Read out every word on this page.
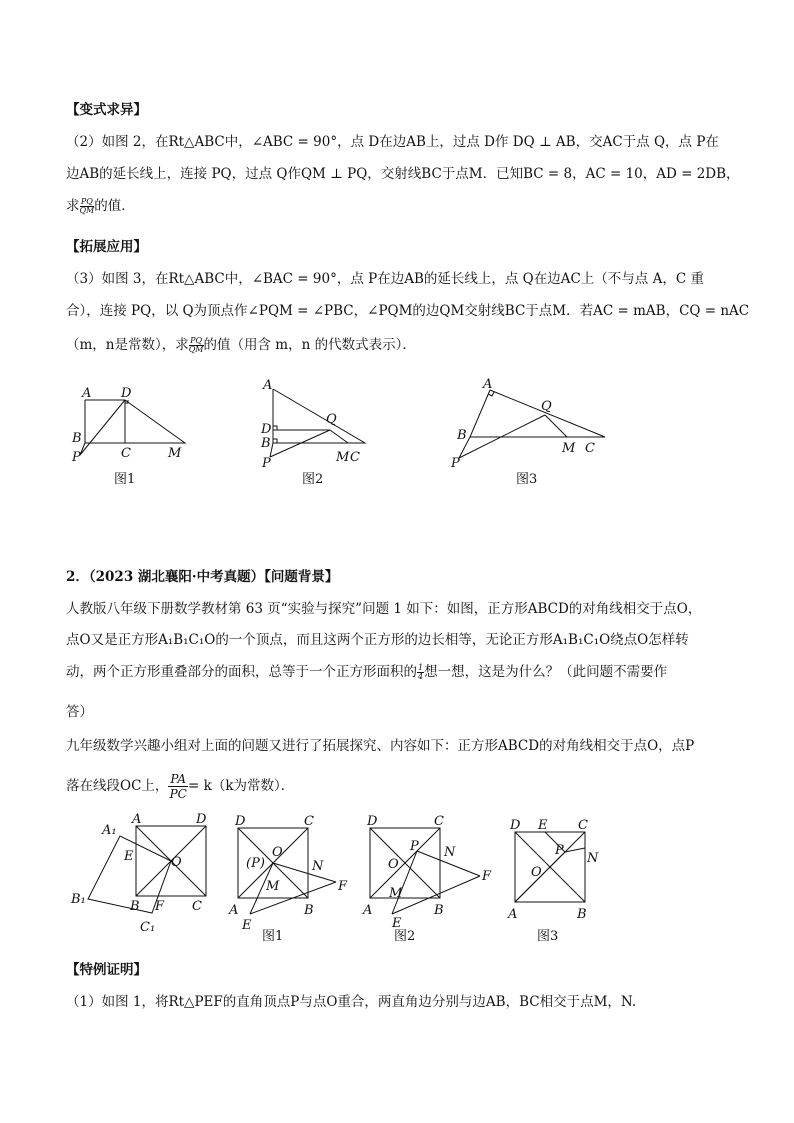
【变式求异】
（2）如图 2，在Rt△ABC中，∠ABC = 90°，点 D在边AB上，过点 D作 DQ ⊥ AB，交AC于点 Q，点 P在
边AB的延长线上，连接 PQ，过点 Q作QM ⊥ PQ，交射线BC于点M．已知BC = 8，AC = 10，AD = 2DB，
求 $\frac{PQ}{QM}$ 的值．
【拓展应用】
（3）如图 3，在Rt△ABC中，∠BAC = 90°，点 P在边AB的延长线上，点 Q在边AC上（不与点 A，C 重
合），连接 PQ，以 Q为顶点作∠PQM = ∠PBC，∠PQM的边QM交射线BC于点M．若AC = mAB，CQ = nAC
（m，n是常数），求 $\frac{PQ}{QM}$ 的值（用含 m，n 的代数式表示）．
A D
B
C	M
P
图1
A
D
B
Q
P	M C
图2
A
Q
B
P
M C
图3
2．（2023 湖北襄阳·中考真题）【问题背景】
人教版八年级下册数学教材第 63 页“实验与探究”问题 1 如下：如图，正方形ABCD的对角线相交于点O，
点O又是正方形A₁B₁C₁O的一个顶点，而且这两个正方形的边长相等，无论正方形A₁B₁C₁O绕点O怎样转
动，两个正方形重叠部分的面积，总等于一个正方形面积的 $\frac{1}{4}$ 想一想，这是为什么？（此问题不需要作
答）
九年级数学兴趣小组对上面的问题又进行了拓展探究、内容如下：正方形ABCD的对角线相交于点O，点P
落在线段OC上， $\frac{PA}{PC} = k(k$为常数）．
A₁
E
B₁
C₁
A	D
O
B F C
D	C
(P)
O
N
M	F
A	B
E
图1
D	C
P N
O
F
M
A	B
E
图2
D E C
P
N
O
A	B
图3
【特例证明】
（1）如图 1，将Rt△PEF的直角顶点P与点O重合，两直角边分别与边AB，BC相交于点M，N.
